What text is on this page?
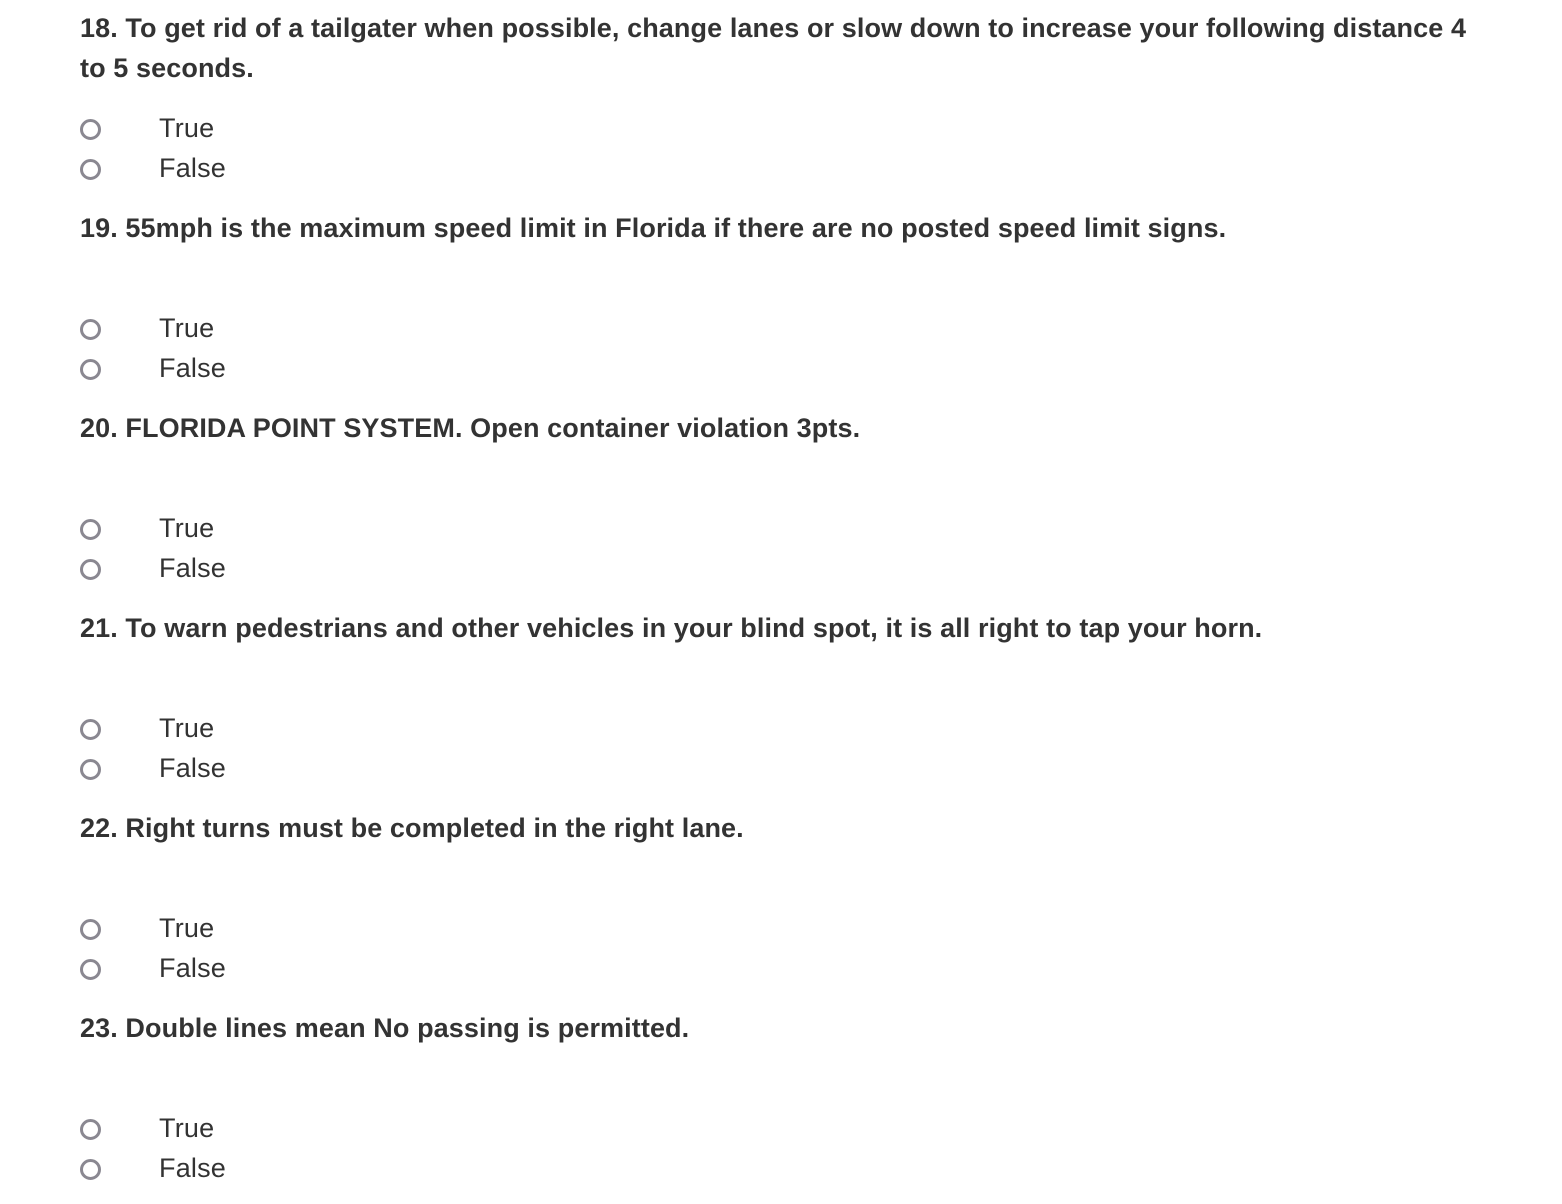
18. To get rid of a tailgater when possible, change lanes or slow down to increase your following distance 4 to 5 seconds.

True
False

19. 55mph is the maximum speed limit in Florida if there are no posted speed limit signs.

True
False

20. FLORIDA POINT SYSTEM. Open container violation 3pts.

True
False

21. To warn pedestrians and other vehicles in your blind spot, it is all right to tap your horn.

True
False

22. Right turns must be completed in the right lane.

True
False

23. Double lines mean No passing is permitted.

True
False
